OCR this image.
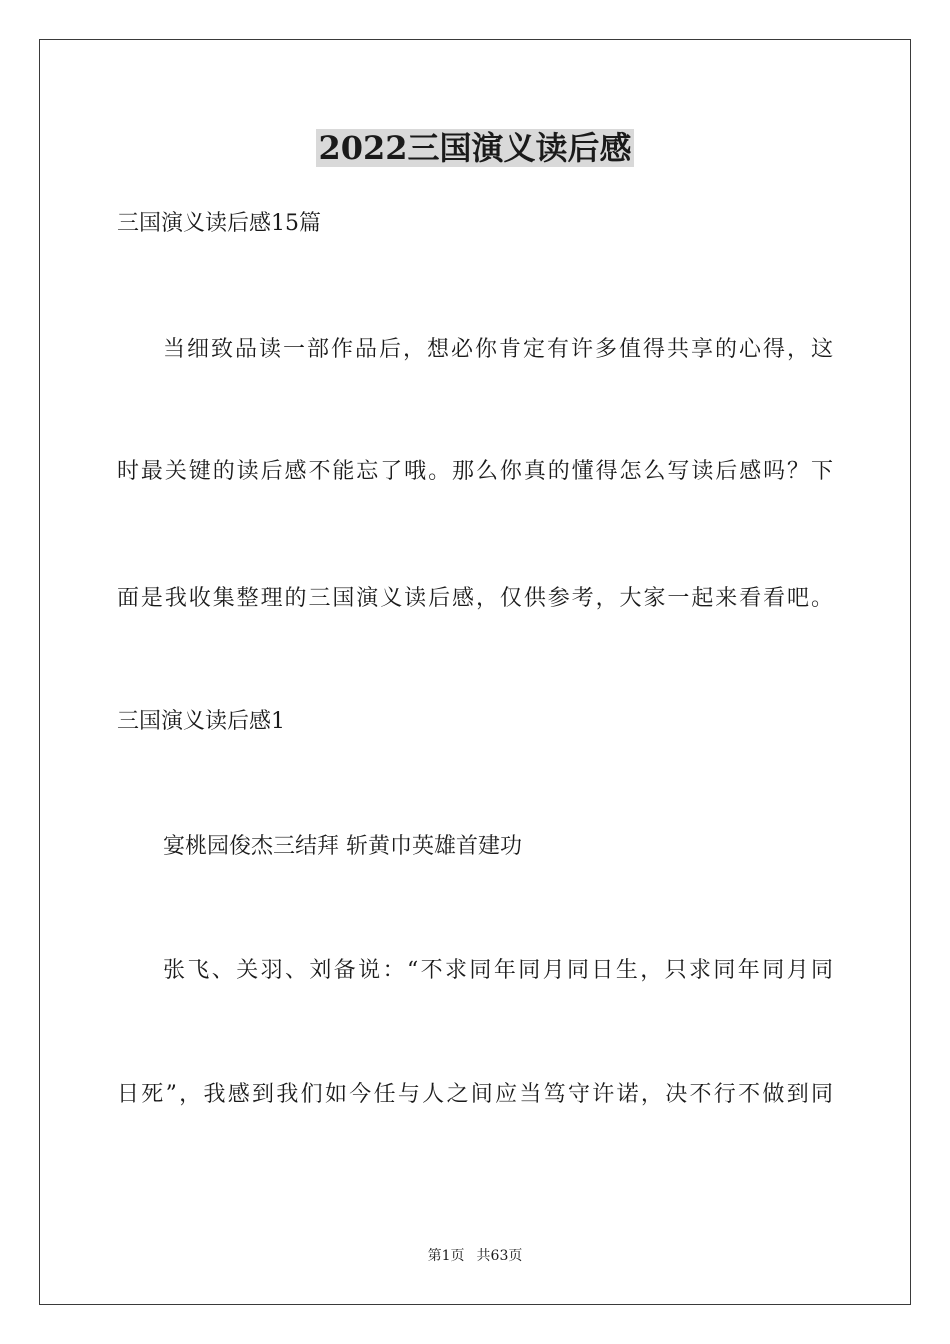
2022三国演义读后感
三国演义读后感15篇
当细致品读一部作品后，想必你肯定有许多值得共享的心得，这
时最关键的读后感不能忘了哦。那么你真的懂得怎么写读后感吗？下
面是我收集整理的三国演义读后感，仅供参考，大家一起来看看吧。
三国演义读后感1
宴桃园俊杰三结拜 斩黄巾英雄首建功
张飞、关羽、刘备说：“不求同年同月同日生，只求同年同月同
日死”，我感到我们如今任与人之间应当笃守许诺，决不行不做到同
第1页 共63页
